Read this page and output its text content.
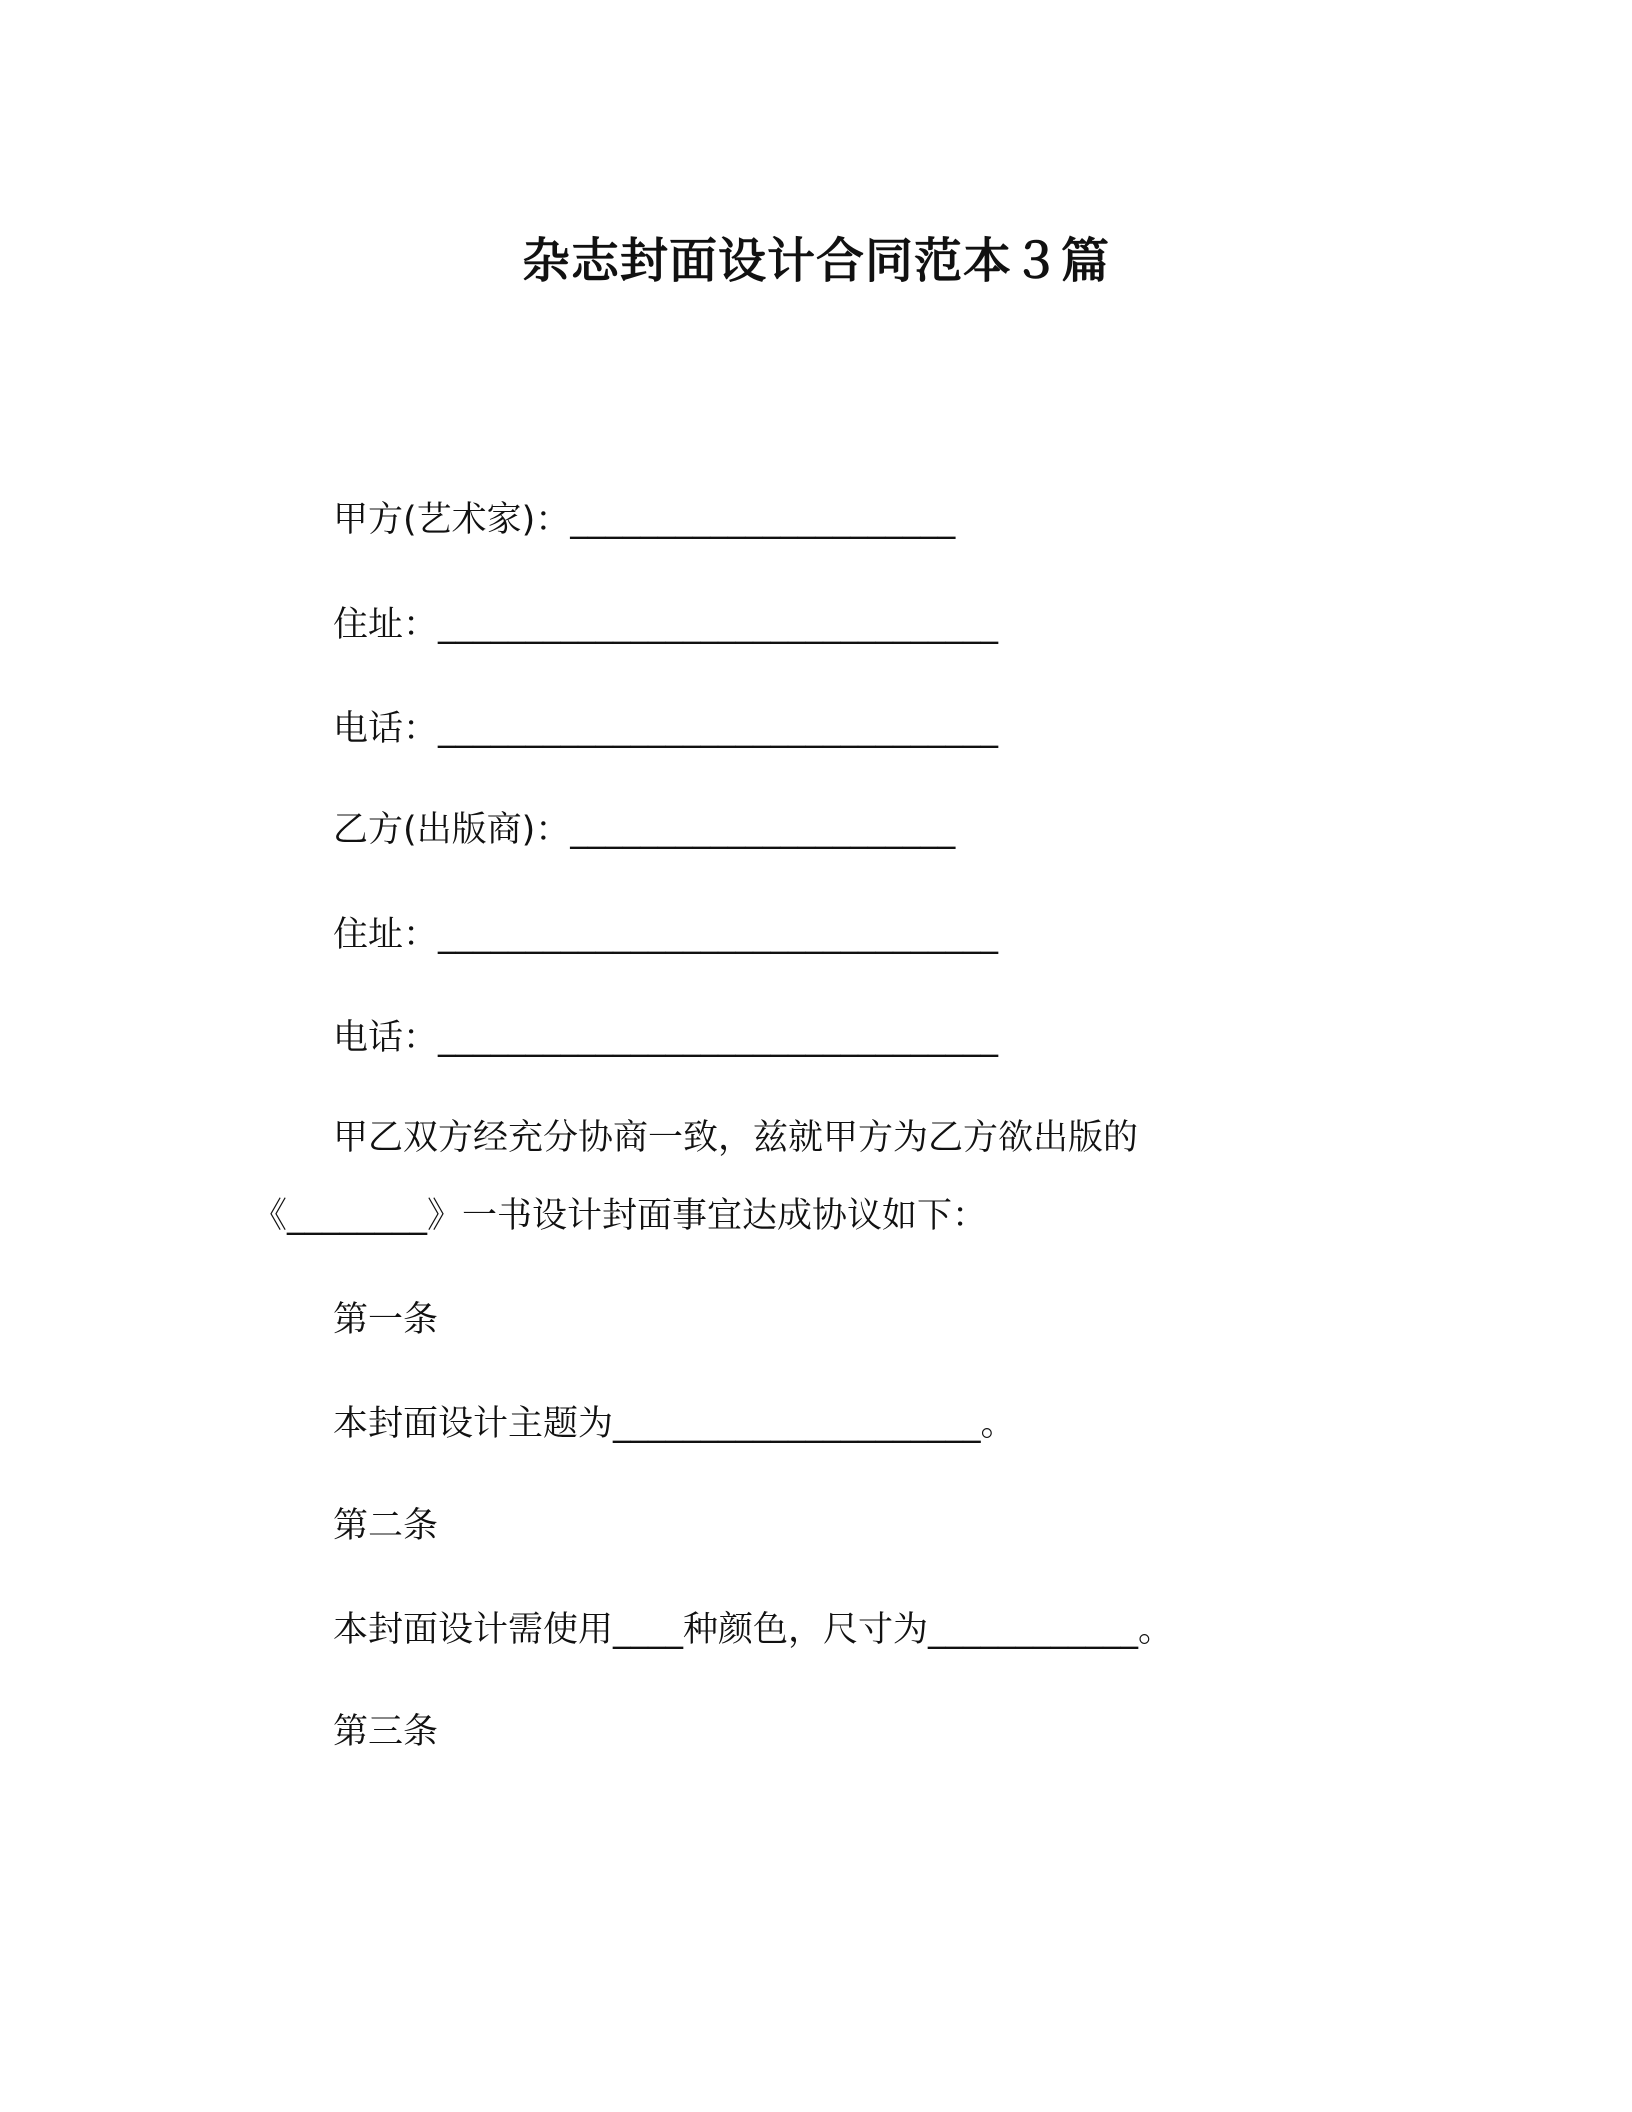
杂志封面设计合同范本３篇
甲方(艺术家)：______________________
住址：________________________________
电话：________________________________
乙方(出版商)：______________________
住址：________________________________
电话：________________________________
甲乙双方经充分协商一致，兹就甲方为乙方欲出版的
《________》一书设计封面事宜达成协议如下：
第一条
本封面设计主题为_____________________。
第二条
本封面设计需使用____种颜色，尺寸为____________。
第三条
